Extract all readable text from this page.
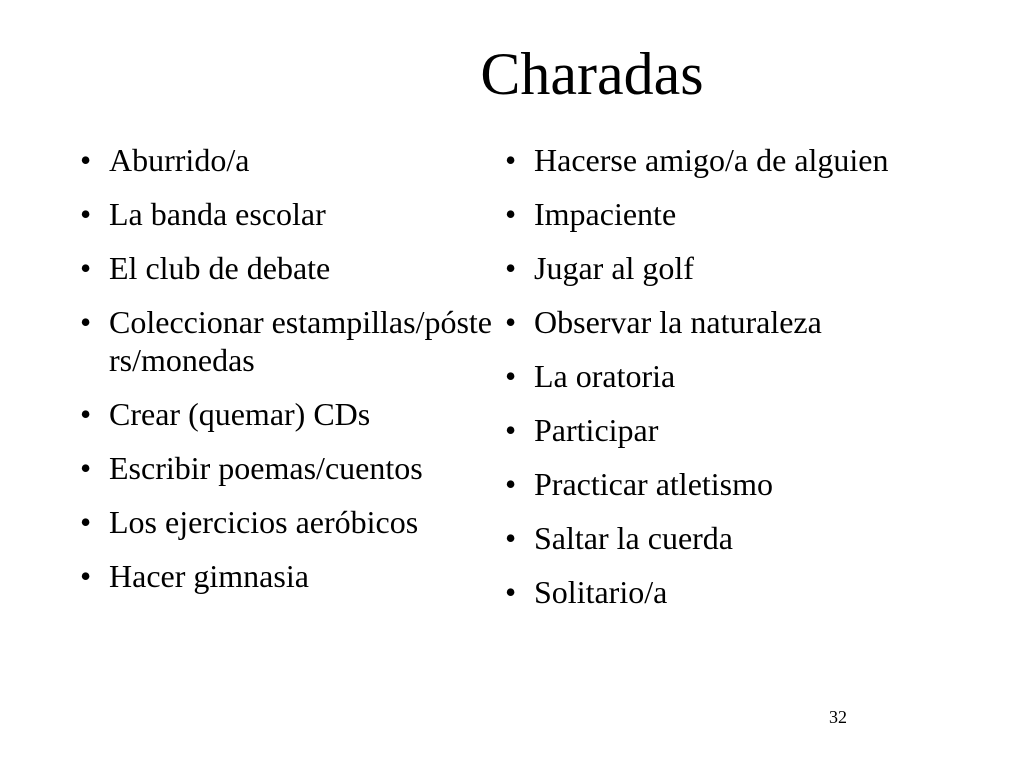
Charadas
• Aburrido/a
• La banda escolar
• El club de debate
• Coleccionar estampillas/pósters/monedas
• Crear (quemar) CDs
• Escribir poemas/cuentos
• Los ejercicios aeróbicos
• Hacer gimnasia
• Hacerse amigo/a de alguien
• Impaciente
• Jugar al golf
• Observar la naturaleza
• La oratoria
• Participar
• Practicar atletismo
• Saltar la cuerda
• Solitario/a
32
